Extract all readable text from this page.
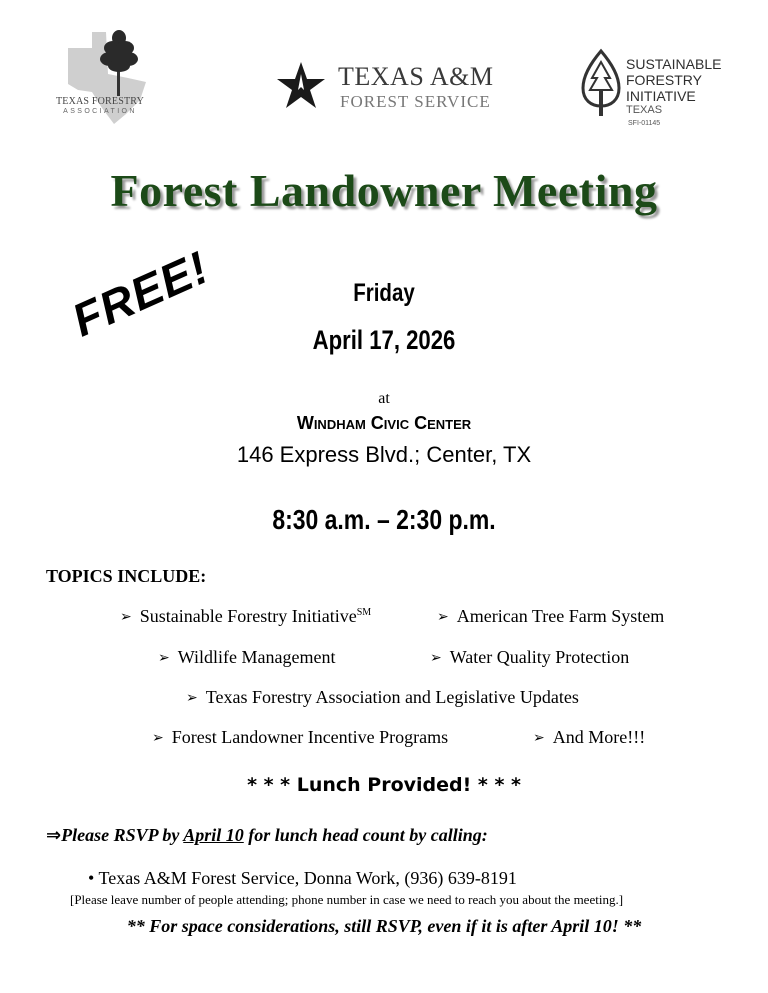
TEXAS FORESTRY
ASSOCIATION
TEXAS A&M
FOREST SERVICE
SUSTAINABLE
FORESTRY
INITIATIVE
TEXAS
SFI-01145
Forest Landowner Meeting
FREE!	Friday
April 17, 2026
at
Windham Civic Center
146 Express Blvd.; Center, TX
8:30 a.m. – 2:30 p.m.
TOPICS INCLUDE:
➢ Sustainable Forestry Initiative℠	➢ American Tree Farm System
➢ Wildlife Management	➢ Water Quality Protection
➢ Texas Forestry Association and Legislative Updates
➢ Forest Landowner Incentive Programs	➢ And More!!!
* * * Lunch Provided! * * *
⇒Please RSVP by April 10 for lunch head count by calling:
• Texas A&M Forest Service, Donna Work, (936) 639-8191
[Please leave number of people attending; phone number in case we need to reach you about the meeting.]
** For space considerations, still RSVP, even if it is after April 10! **
